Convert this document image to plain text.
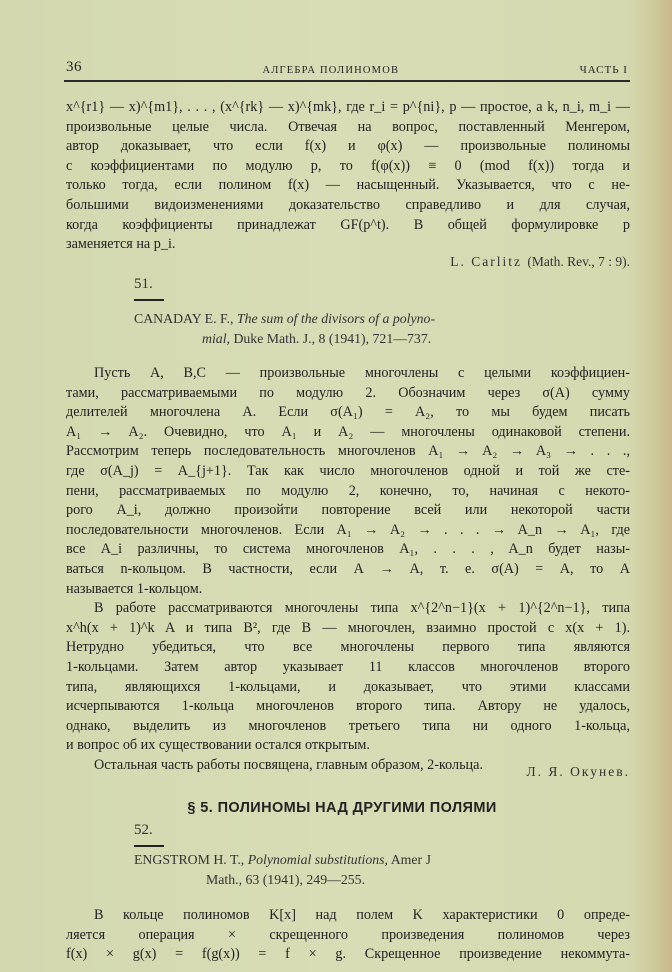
36	АЛГЕБРА ПОЛИНОМОВ	ЧАСТЬ I
x^{r1} — x)^{m1}, . . . , (x^{rk} — x)^{mk}, где r_i = p^{ni}, p — простое, а k, n_i, m_i —
произвольные целые числа. Отвечая на вопрос, поставленный Менгером,
автор доказывает, что если f(x) и φ(x) — произвольные полиномы
с коэффициентами по модулю p, то f(φ(x)) ≡ 0 (mod f(x)) тогда и
только тогда, если полином f(x) — насыщенный. Указывается, что с не-
большими видоизменениями доказательство справедливо и для случая,
когда коэффициенты принадлежат GF(p^t). В общей формулировке p
заменяется на p_i.
L. Carlitz (Math. Rev., 7 : 9).
51.
CANADAY E. F., The sum of the divisors of a polyno-
mial, Duke Math. J., 8 (1941), 721—737.
Пусть A, B,C — произвольные многочлены с целыми коэффициен-
тами, рассматриваемыми по модулю 2. Обозначим через σ(A) сумму
делителей многочлена A. Если σ(A₁) = A₂, то мы будем писать
A₁ → A₂. Очевидно, что A₁ и A₂ — многочлены одинаковой степени.
Рассмотрим теперь последовательность многочленов A₁ → A₂ → A₃ → . . .,
где σ(A_j) = A_{j+1}. Так как число многочленов одной и той же сте-
пени, рассматриваемых по модулю 2, конечно, то, начиная с некото-
рого A_i, должно произойти повторение всей или некоторой части
последовательности многочленов. Если A₁ → A₂ → . . . → A_n → A₁, где
все A_i различны, то система многочленов A₁, . . . , A_n будет назы-
ваться n-кольцом. В частности, если A → A, т. е. σ(A) = A, то A
называется 1-кольцом.
В работе рассматриваются многочлены типа x^{2^n−1}(x + 1)^{2^n−1}, типа
x^h(x + 1)^k A и типа B², где B — многочлен, взаимно простой с x(x + 1).
Нетрудно убедиться, что все многочлены первого типа являются
1-кольцами. Затем автор указывает 11 классов многочленов второго
типа, являющихся 1-кольцами, и доказывает, что этими классами
исчерпываются 1-кольца многочленов второго типа. Автору не удалось,
однако, выделить из многочленов третьего типа ни одного 1-кольца,
и вопрос об их существовании остался открытым.
Остальная часть работы посвящена, главным образом, 2-кольца.	Л. Я. Окунев.
§ 5. ПОЛИНОМЫ НАД ДРУГИМИ ПОЛЯМИ
52.
ENGSTROM H. T., Polynomial substitutions, Amer J
Math., 63 (1941), 249—255.
В кольце полиномов K[x] над полем K характеристики 0 опреде-
ляется операция × скрещенного произведения полиномов через
f(x) × g(x) = f(g(x)) = f × g. Скрещенное произведение некоммута-
